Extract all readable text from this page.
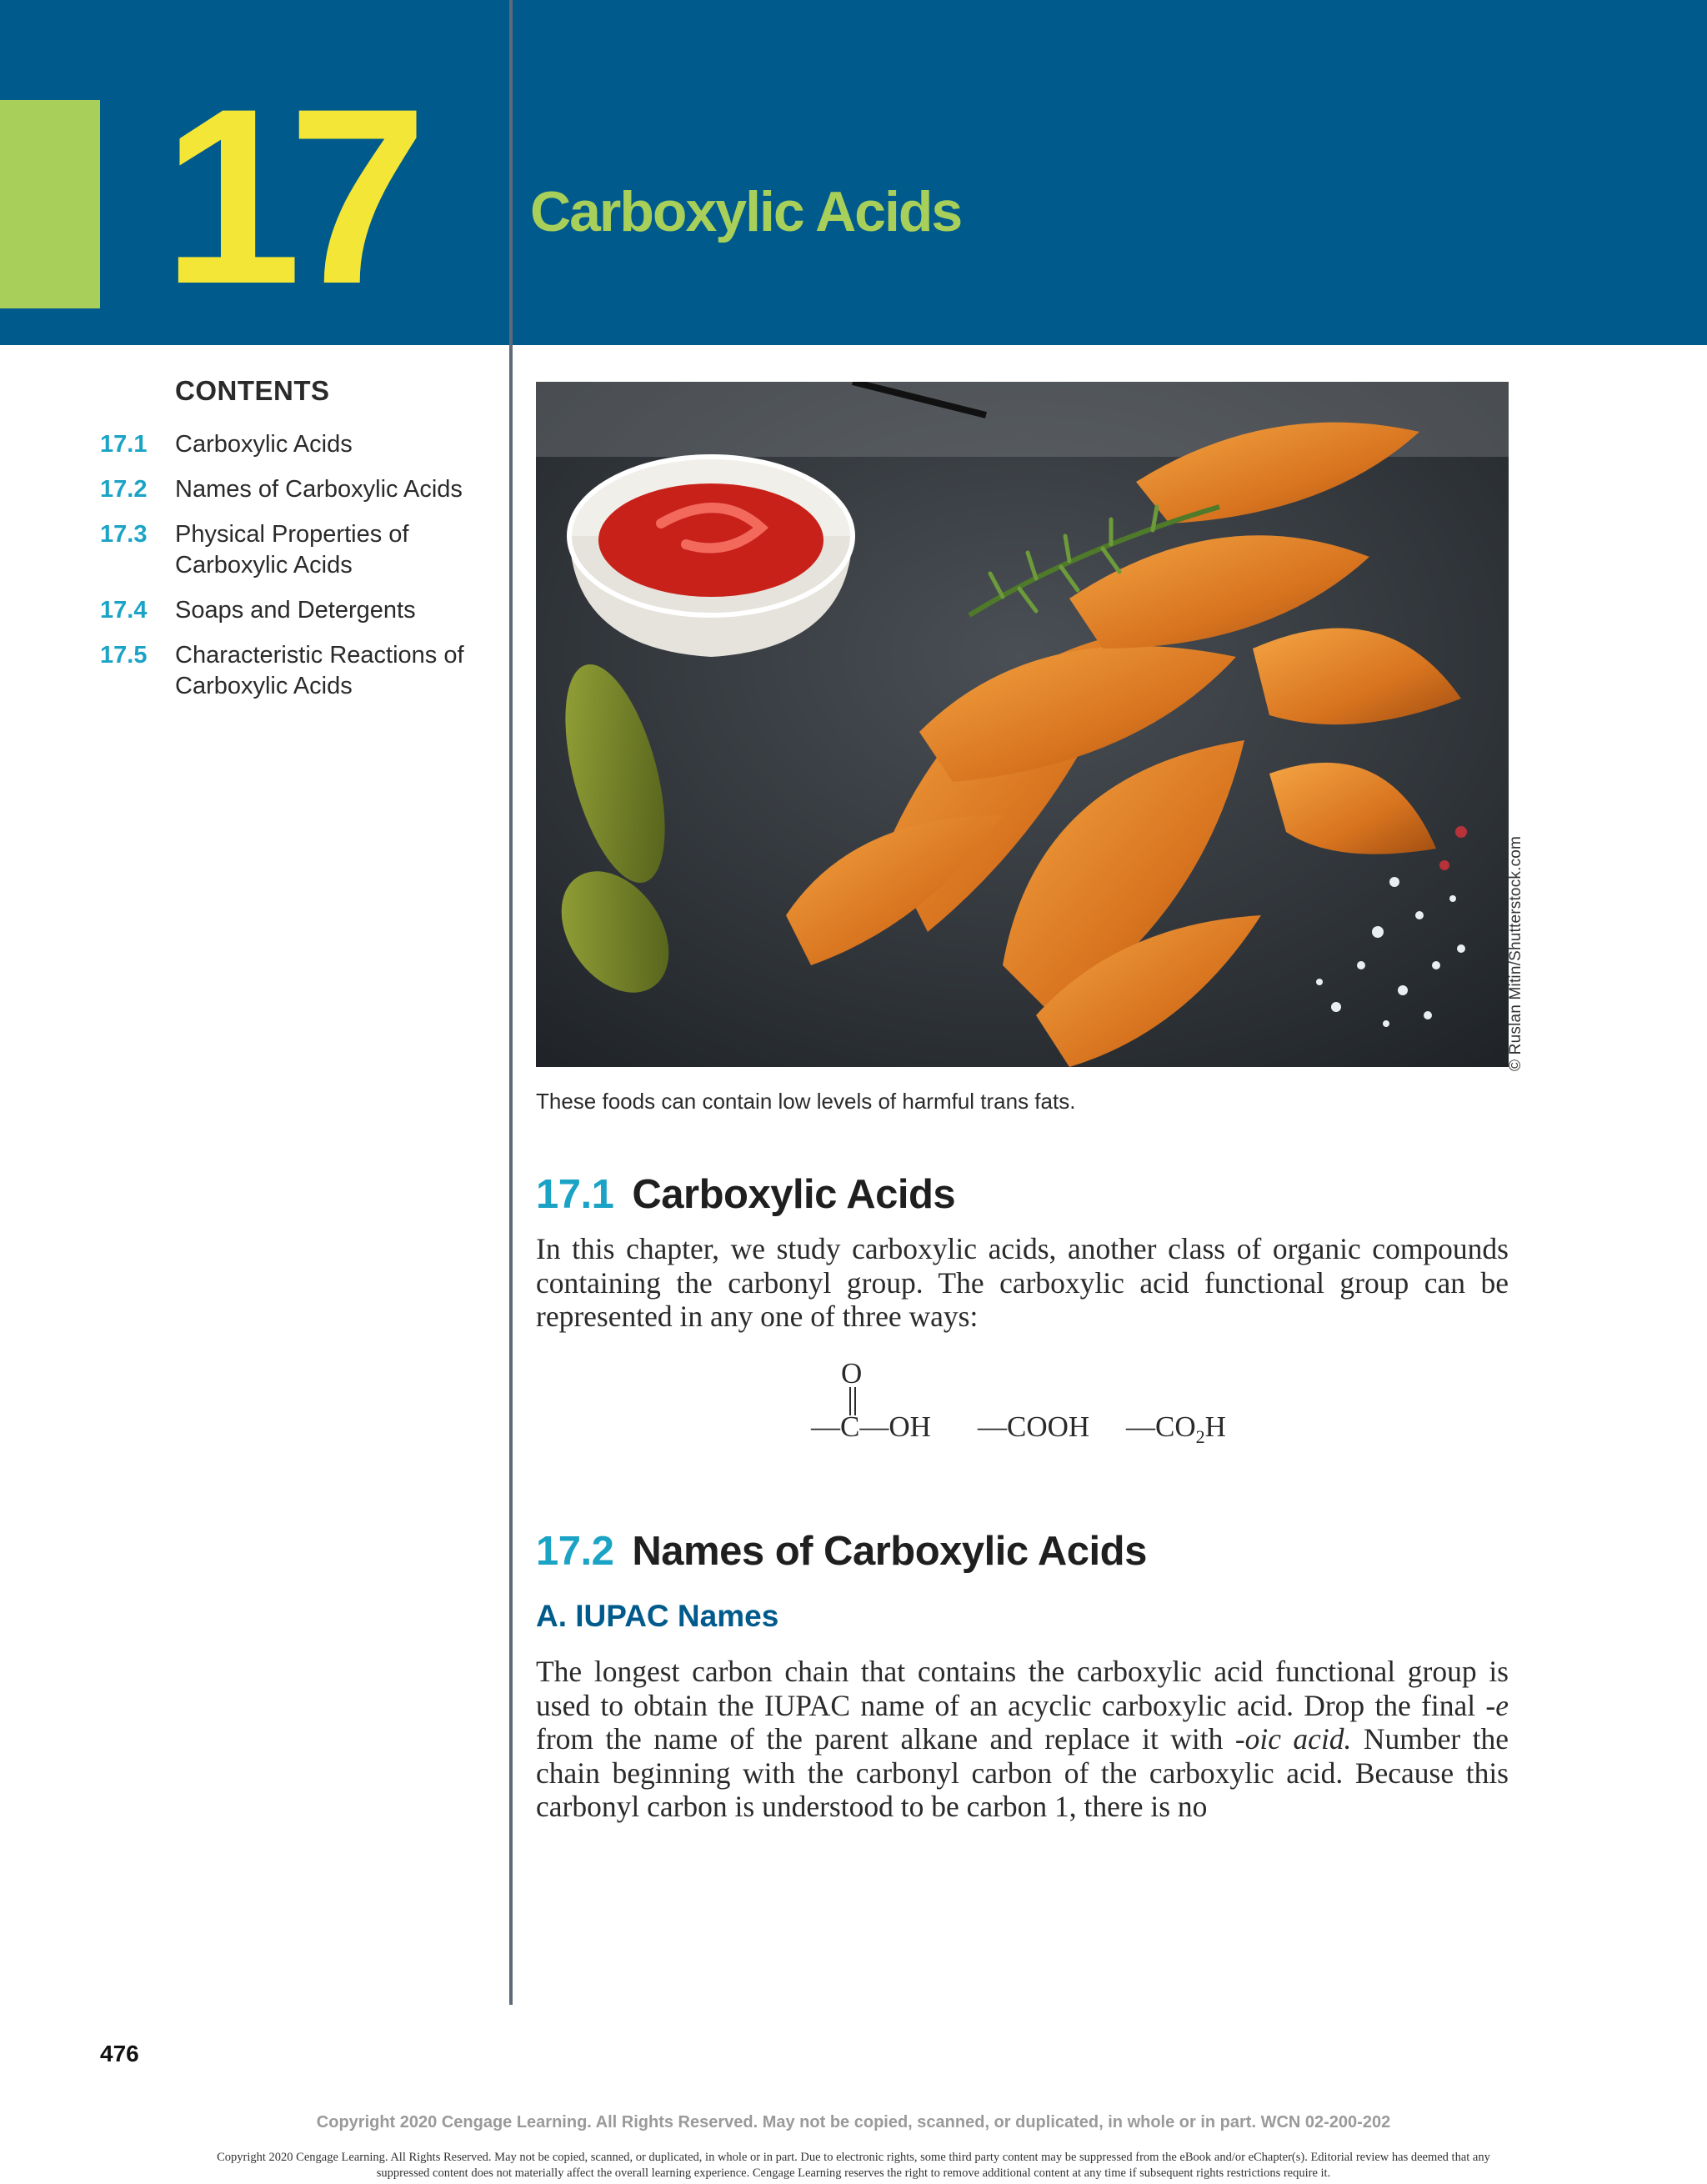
17 Carboxylic Acids
CONTENTS
17.1	Carboxylic Acids
17.2	Names of Carboxylic Acids
17.3	Physical Properties of Carboxylic Acids
17.4	Soaps and Detergents
17.5	Characteristic Reactions of Carboxylic Acids
© Ruslan Mitin/Shutterstock.com
These foods can contain low levels of harmful trans fats.
17.1 Carboxylic Acids
In this chapter, we study carboxylic acids, another class of organic compounds containing the carbonyl group. The carboxylic acid functional group can be represented in any one of three ways:
O
—C—OH —COOH $—CO_2H$
17.2 Names of Carboxylic Acids
A. IUPAC Names
The longest carbon chain that contains the carboxylic acid functional group is used to obtain the IUPAC name of an acyclic carboxylic acid. Drop the final -e from the name of the parent alkane and replace it with -oic acid. Number the chain beginning with the carbonyl carbon of the carboxylic acid. Because this carbonyl carbon is understood to be carbon 1, there is no
476
Copyright 2020 Cengage Learning. All Rights Reserved. May not be copied, scanned, or duplicated, in whole or in part. WCN 02-200-202
Copyright 2020 Cengage Learning. All Rights Reserved. May not be copied, scanned, or duplicated, in whole or in part. Due to electronic rights, some third party content may be suppressed from the eBook and/or eChapter(s). Editorial review has deemed that any suppressed content does not materially affect the overall learning experience. Cengage Learning reserves the right to remove additional content at any time if subsequent rights restrictions require it.
